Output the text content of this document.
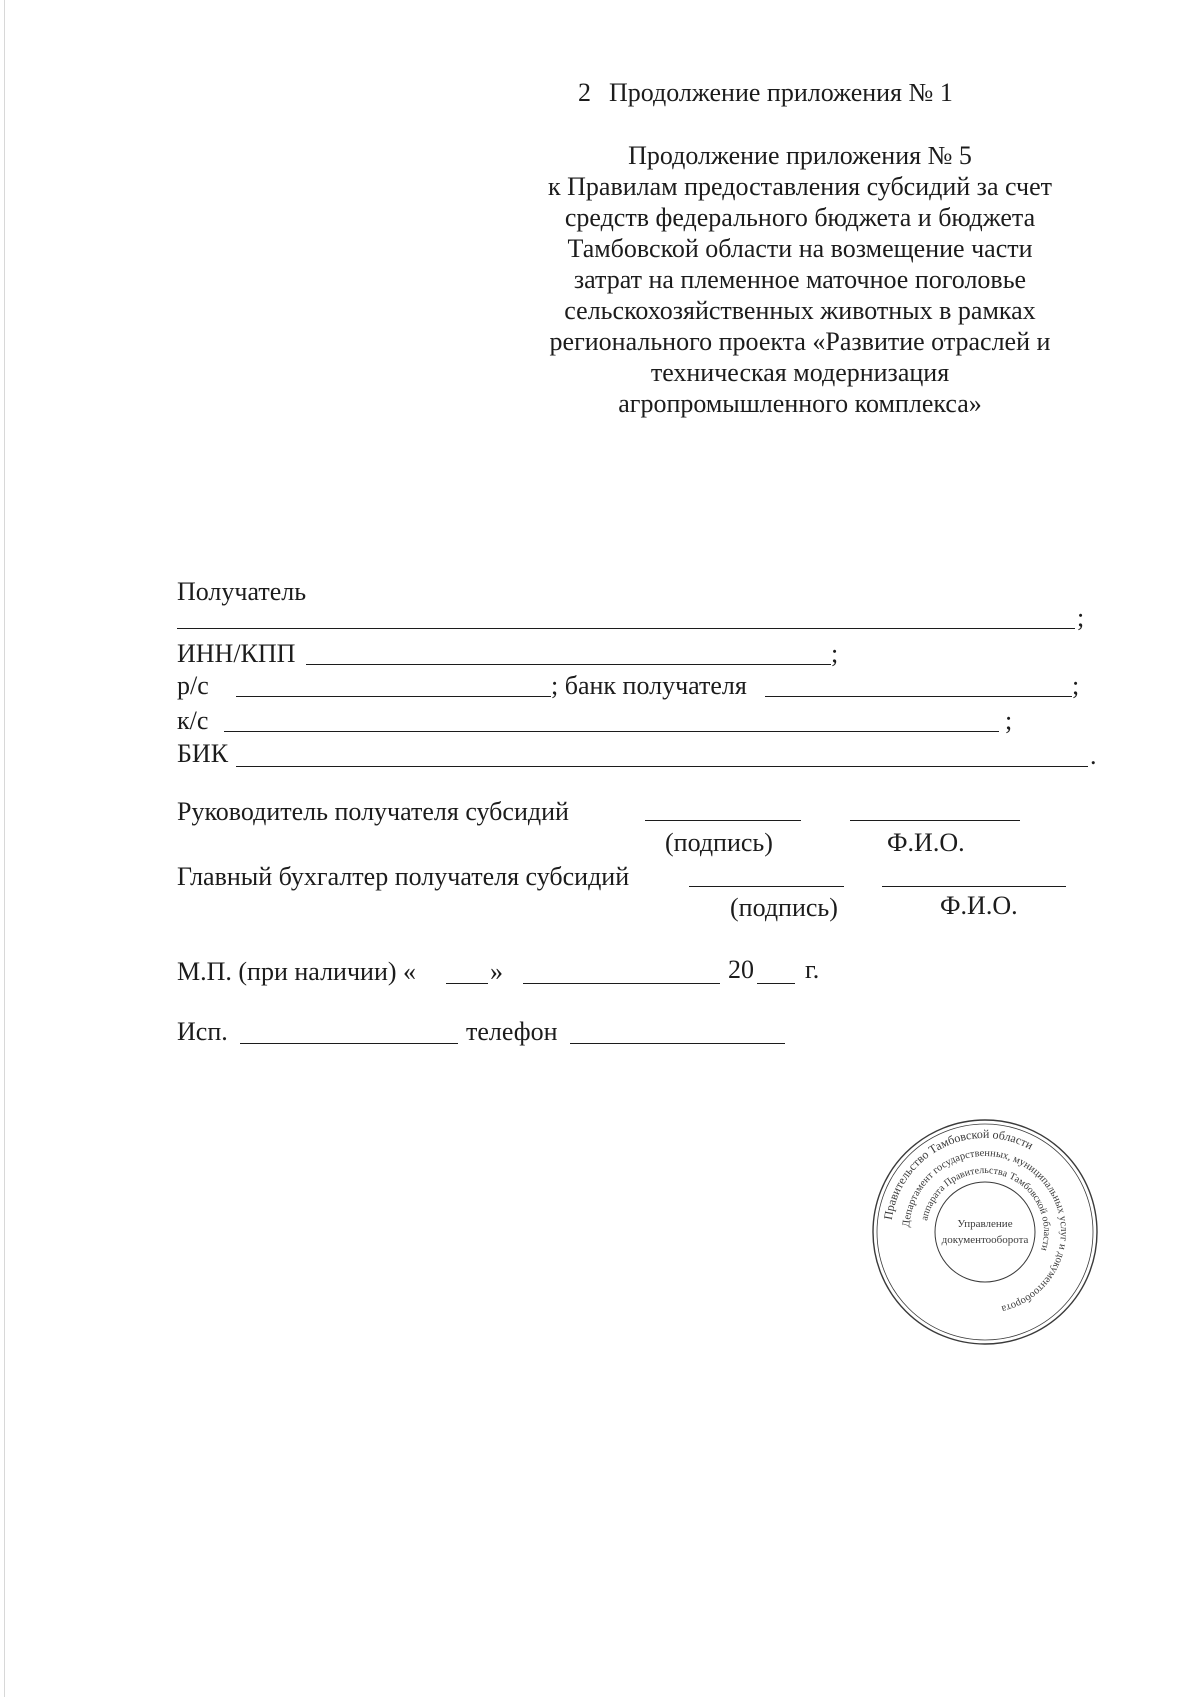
2 Продолжение приложения № 1
Продолжение приложения № 5
к Правилам предоставления субсидий за счет
средств федерального бюджета и бюджета
Тамбовской области на возмещение части
затрат на племенное маточное поголовье
сельскохозяйственных животных в рамках
регионального проекта «Развитие отраслей и
техническая модернизация
агропромышленного комплекса»
Получатель
;
ИНН/КПП	;
р/с	; банк получателя	;
к/с	;
БИК	.
Руководитель получателя субсидий
(подпись)	Ф.И.О.
Главный бухгалтер получателя субсидий
(подпись)	Ф.И.О.
М.П. (при наличии) «	»	20 г.
Исп.	телефон
Правительство Тамбовской области
Департамент государственных, муниципальных услуг и документооборота
аппарата Правительства Тамбовской области
Управление
документооборота
